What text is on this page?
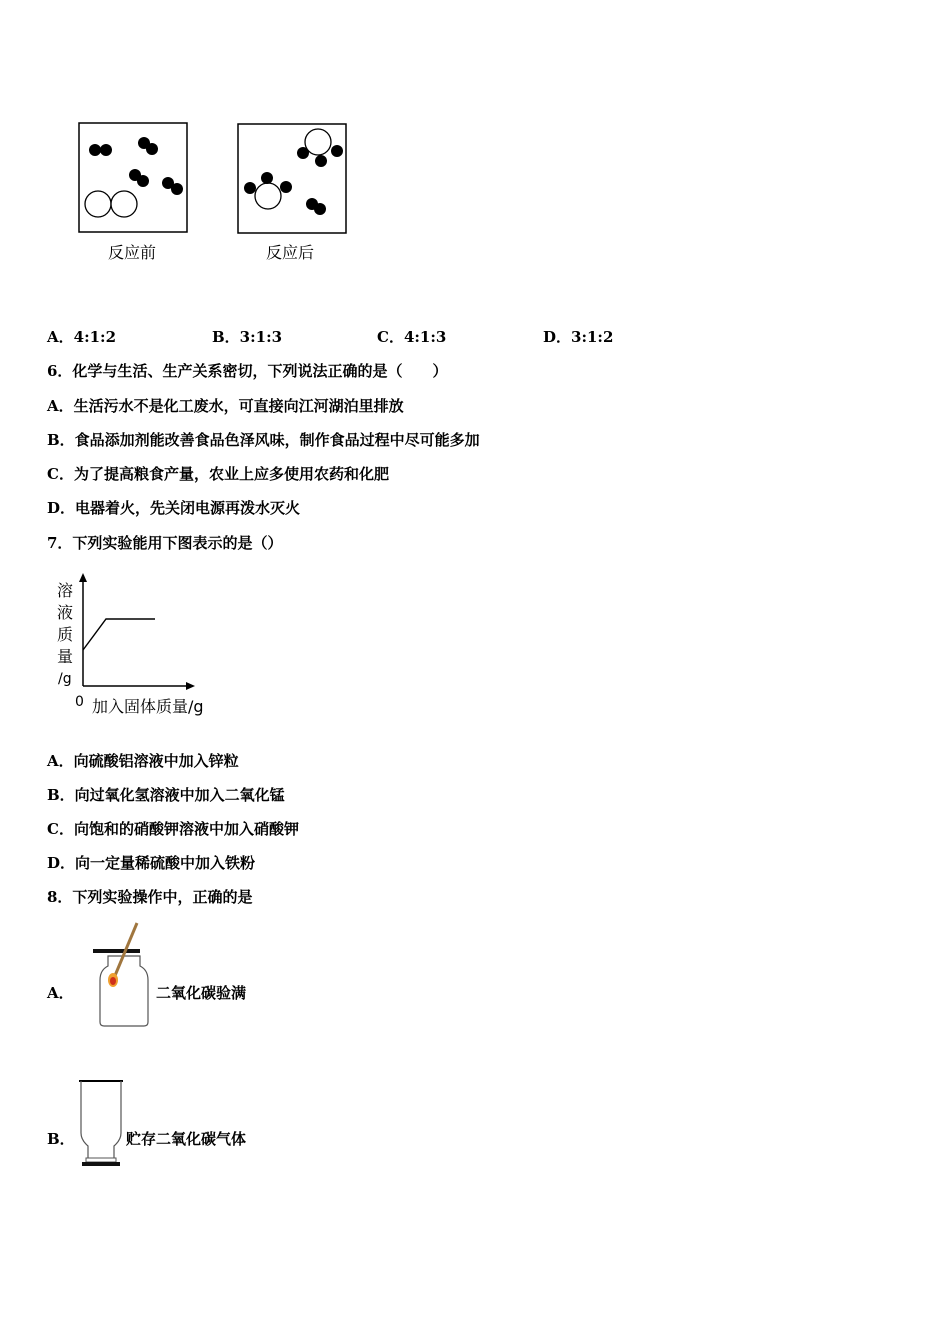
反应前	反应后
A．4:1:2	B．3:1:3	C．4:1:3	D．3:1:2
6．化学与生活、生产关系密切，下列说法正确的是（　　）
A．生活污水不是化工废水，可直接向江河湖泊里排放
B．食品添加剂能改善食品色泽风味，制作食品过程中尽可能多加
C．为了提高粮食产量，农业上应多使用农药和化肥
D．电器着火，先关闭电源再泼水灭火
7．下列实验能用下图表示的是（）
溶
液
质
量
/g
0 加入固体质量/g
A．向硫酸铝溶液中加入锌粒
B．向过氧化氢溶液中加入二氧化锰
C．向饱和的硝酸钾溶液中加入硝酸钾
D．向一定量稀硫酸中加入铁粉
8．下列实验操作中，正确的是
A．	二氧化碳验满
B．	贮存二氧化碳气体
